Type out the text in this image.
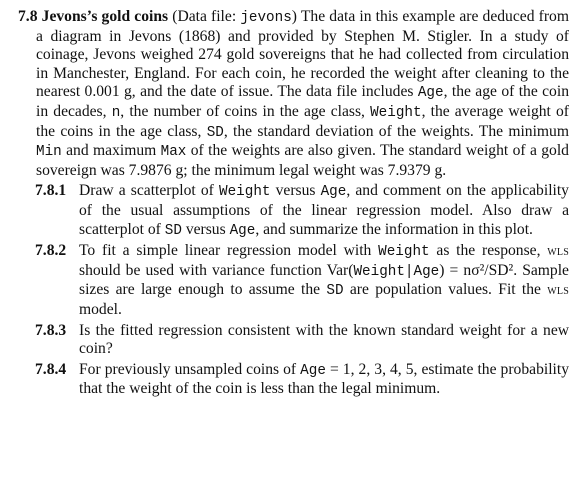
7.8 Jevons’s gold coins (Data file: jevons) The data in this example are deduced from a diagram in Jevons (1868) and provided by Stephen M. Stigler. In a study of coinage, Jevons weighed 274 gold sovereigns that he had collected from circulation in Manchester, England. For each coin, he recorded the weight after cleaning to the nearest 0.001 g, and the date of issue. The data file includes Age, the age of the coin in decades, n, the number of coins in the age class, Weight, the average weight of the coins in the age class, SD, the standard deviation of the weights. The minimum Min and maximum Max of the weights are also given. The standard weight of a gold sovereign was 7.9876 g; the minimum legal weight was 7.9379 g.

7.8.1 Draw a scatterplot of Weight versus Age, and comment on the applicability of the usual assumptions of the linear regression model. Also draw a scatterplot of SD versus Age, and summarize the information in this plot.
7.8.2 To fit a simple linear regression model with Weight as the response, wls should be used with variance function Var(Weight|Age) = nσ²/SD². Sample sizes are large enough to assume the SD are population values. Fit the wls model.
7.8.3 Is the fitted regression consistent with the known standard weight for a new coin?
7.8.4 For previously unsampled coins of Age = 1, 2, 3, 4, 5, estimate the probability that the weight of the coin is less than the legal minimum.
